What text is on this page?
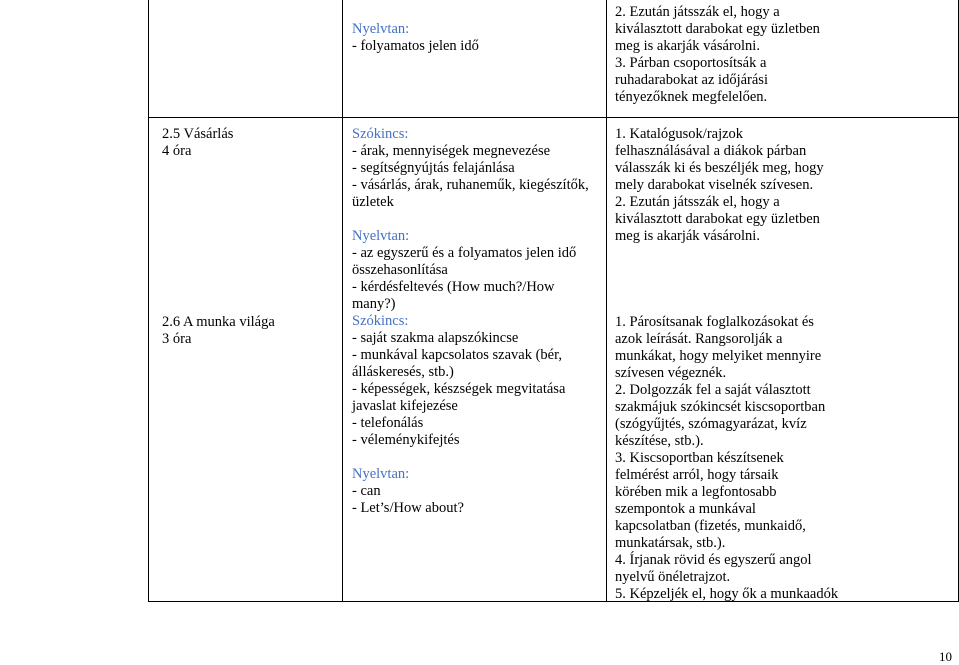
Nyelvtan:
- folyamatos jelen idő
2. Ezután játsszák el, hogy a
kiválasztott darabokat egy üzletben
meg is akarják vásárolni.
3. Párban csoportosítsák a
ruhadarabokat az időjárási
tényezőknek megfelelően.
2.5 Vásárlás
4 óra
2.6 A munka világa
3 óra
Szókincs:
- árak, mennyiségek megnevezése
- segítségnyújtás felajánlása
- vásárlás, árak, ruhaneműk, kiegészítők,
üzletek
Nyelvtan:
- az egyszerű és a folyamatos jelen idő
összehasonlítása
- kérdésfeltevés (How much?/How
many?)
Szókincs:
- saját szakma alapszókincse
- munkával kapcsolatos szavak (bér,
álláskeresés, stb.)
- képességek, készségek megvitatása
javaslat kifejezése
- telefonálás
- véleménykifejtés
Nyelvtan:
- can
- Let’s/How about?
1. Katalógusok/rajzok
felhasználásával a diákok párban
válasszák ki és beszéljék meg, hogy
mely darabokat viselnék szívesen.
2. Ezután játsszák el, hogy a
kiválasztott darabokat egy üzletben
meg is akarják vásárolni.
1. Párosítsanak foglalkozásokat és
azok leírását. Rangsorolják a
munkákat, hogy melyiket mennyire
szívesen végeznék.
2. Dolgozzák fel a saját választott
szakmájuk szókincsét kiscsoportban
(szógyűjtés, szómagyarázat, kvíz
készítése, stb.).
3. Kiscsoportban készítsenek
felmérést arról, hogy társaik
körében mik a legfontosabb
szempontok a munkával
kapcsolatban (fizetés, munkaidő,
munkatársak, stb.).
4. Írjanak rövid és egyszerű angol
nyelvű önéletrajzot.
5. Képzeljék el, hogy ők a munkaadók
10
